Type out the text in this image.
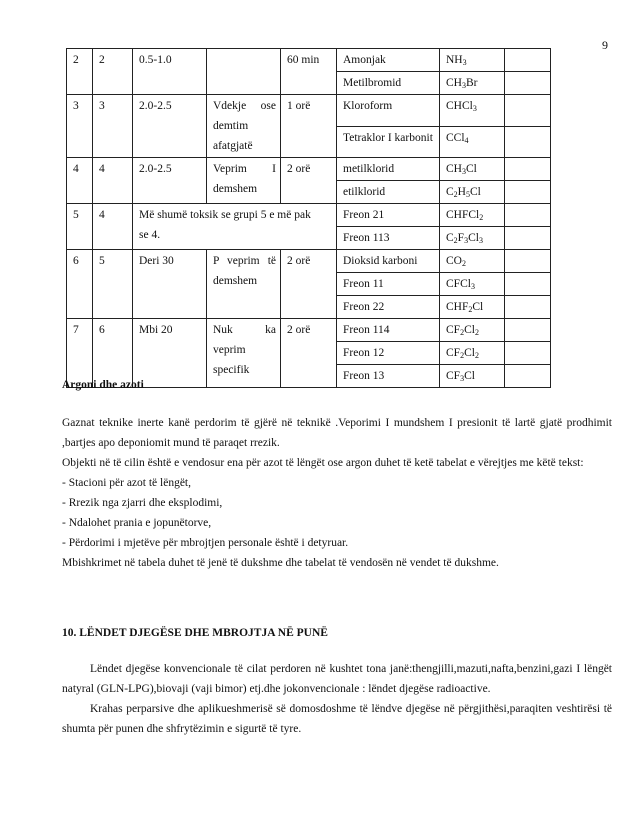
9
2	2	0.5-1.0		60 min	Amonjak	$NH_3$	
					Metilbromid	$CH_3Br$	
3	3	2.0-2.5	Vdekje ose
demtim
afatgjatë	1 orë	Kloroform	CHCl$_3$	
					Tetraklor I karbonit	CCl$_4$	
4	4	2.0-2.5	Veprim I
demshem	2 orë	metilklorid	$CH_3Cl$	
					etilklorid	$C_2H_5Cl$	
5	4	Më shumë toksik se grupi 5 e më pak
se 4.			Freon 21	CHFCl$_2$	
					Freon 113	$C_2F_3Cl_3$	
6	5	Deri 30	P veprim të
demshem	2 orë	Dioksid karboni	$CO_2$	
					Freon 11	CFCl$_3$	
					Freon 22	$CHF_2Cl$	
7	6	Mbi 20	Nuk ka
veprim
specifik	2 orë	Freon 114	$CF_2Cl_2$	
					Freon 12	$CF_2Cl_2$	
					Freon 13	$CF_3Cl$	

Argoni dhe azoti

Gaznat teknike inerte kanë perdorim të gjërë në teknikë .Veporimi I mundshem I presionit të lartë gjatë prodhimit ,bartjes apo deponiomit mund të paraqet rrezik.

Objekti në të cilin është e vendosur ena për azot të lëngët ose argon duhet të ketë tabelat e vërejtjes me këtë tekst:

- Stacioni për azot të lëngët,

- Rrezik nga zjarri dhe eksplodimi,

- Ndalohet prania e jopunëtorve,

- Përdorimi i mjetëve për mbrojtjen personale është i detyruar.

Mbishkrimet në tabela duhet të jenë të dukshme dhe tabelat të vendosën në vendet të dukshme.

10. LËNDET DJEGËSE DHE MBROJTJA NË PUNË

Lëndet djegëse konvencionale të cilat perdoren në kushtet tona janë:thengjilli,mazuti,nafta,benzini,gazi I lëngët natyral (GLN-LPG),biovaji (vaji bimor) etj.dhe jokonvencionale : lëndet djegëse radioactive.

Krahas perparsive dhe aplikueshmerisë së domosdoshme të lëndve djegëse në përgjithësi,paraqiten veshtirësi të shumta për punen dhe shfrytëzimin e sigurtë të tyre.
